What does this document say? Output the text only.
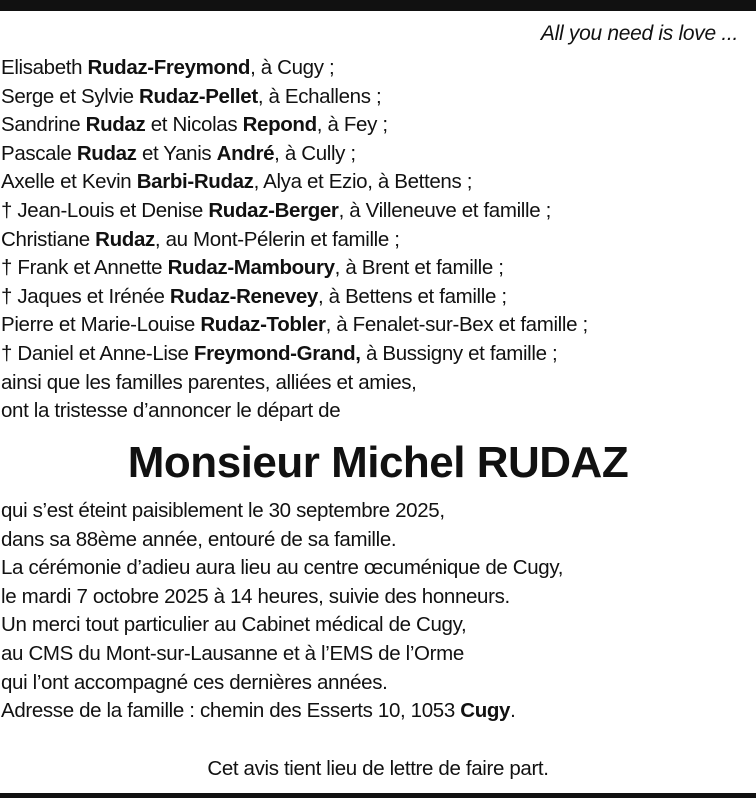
All you need is love ...
Elisabeth Rudaz-Freymond, à Cugy ;
Serge et Sylvie Rudaz-Pellet, à Echallens ;
Sandrine Rudaz et Nicolas Repond, à Fey ;
Pascale Rudaz et Yanis André, à Cully ;
Axelle et Kevin Barbi-Rudaz, Alya et Ezio, à Bettens ;
† Jean-Louis et Denise Rudaz-Berger, à Villeneuve et famille ;
Christiane Rudaz, au Mont-Pélerin et famille ;
† Frank et Annette Rudaz-Mamboury, à Brent et famille ;
† Jaques et Irénée Rudaz-Renevey, à Bettens et famille ;
Pierre et Marie-Louise Rudaz-Tobler, à Fenalet-sur-Bex et famille ;
† Daniel et Anne-Lise Freymond-Grand, à Bussigny et famille ;
ainsi que les familles parentes, alliées et amies,
ont la tristesse d’annoncer le départ de
Monsieur Michel RUDAZ
qui s’est éteint paisiblement le 30 septembre 2025,
dans sa 88ème année, entouré de sa famille.
La cérémonie d’adieu aura lieu au centre œcuménique de Cugy,
le mardi 7 octobre 2025 à 14 heures, suivie des honneurs.
Un merci tout particulier au Cabinet médical de Cugy,
au CMS du Mont-sur-Lausanne et à l’EMS de l’Orme
qui l’ont accompagné ces dernières années.
Adresse de la famille : chemin des Esserts 10, 1053 Cugy.
Cet avis tient lieu de lettre de faire part.
